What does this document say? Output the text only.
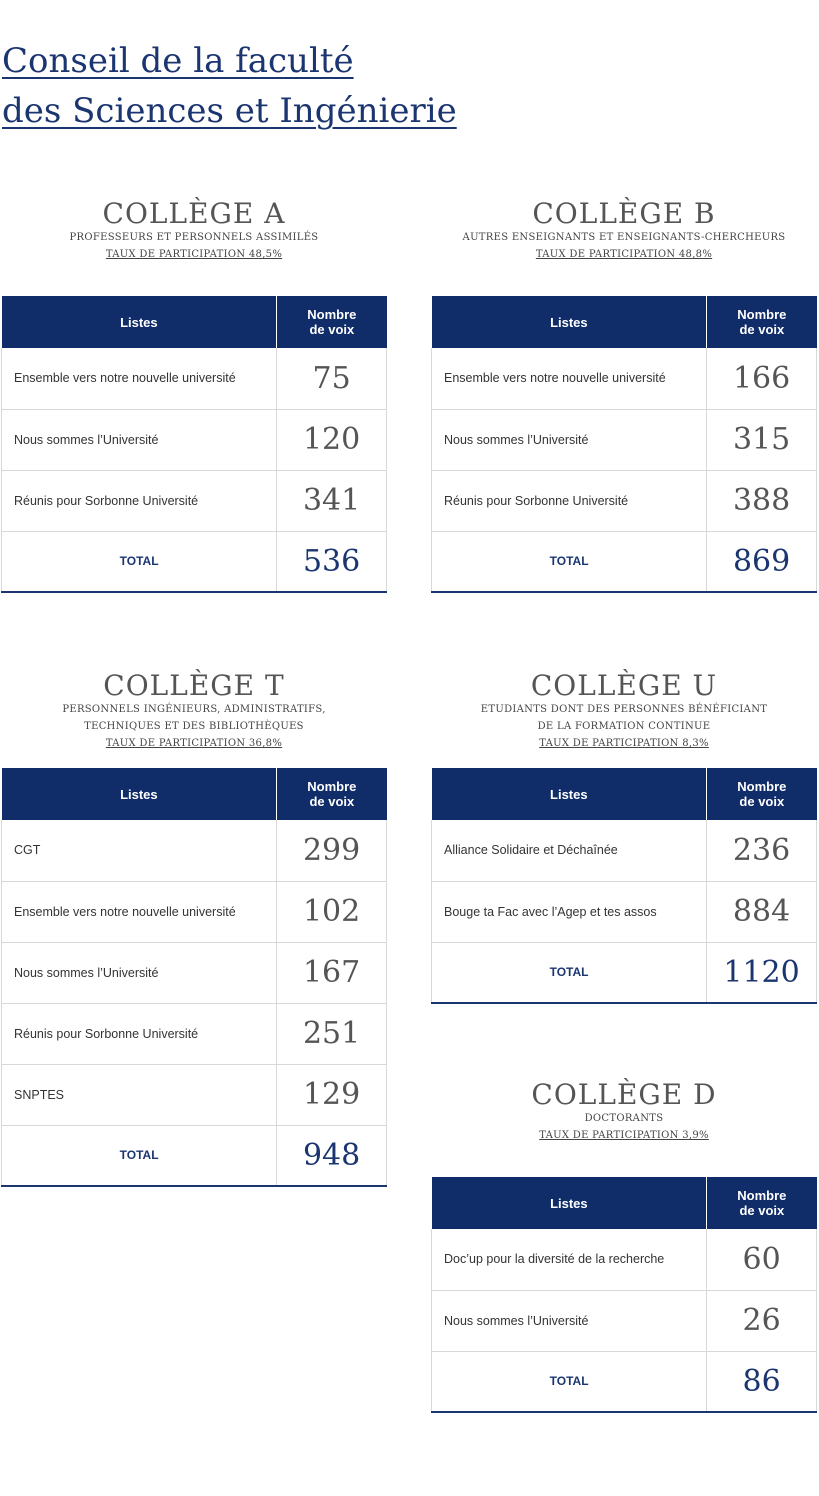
Conseil de la faculté
des Sciences et Ingénierie
COLLÈGE A
PROFESSEURS ET PERSONNELS ASSIMILÉS
TAUX DE PARTICIPATION 48,5%
Listes	Nombre
de voix
Ensemble vers notre nouvelle université	75
Nous sommes l’Université	120
Réunis pour Sorbonne Université	341
TOTAL	536
COLLÈGE B
AUTRES ENSEIGNANTS ET ENSEIGNANTS-CHERCHEURS
TAUX DE PARTICIPATION 48,8%
Listes	Nombre
de voix
Ensemble vers notre nouvelle université	166
Nous sommes l’Université	315
Réunis pour Sorbonne Université	388
TOTAL	869
COLLÈGE T
PERSONNELS INGÉNIEURS, ADMINISTRATIFS,
TECHNIQUES ET DES BIBLIOTHÈQUES
TAUX DE PARTICIPATION 36,8%
Listes	Nombre
de voix
CGT	299
Ensemble vers notre nouvelle université	102
Nous sommes l’Université	167
Réunis pour Sorbonne Université	251
SNPTES	129
TOTAL	948
COLLÈGE U
ETUDIANTS DONT DES PERSONNES BÉNÉFICIANT
DE LA FORMATION CONTINUE
TAUX DE PARTICIPATION 8,3%
Listes	Nombre
de voix
Alliance Solidaire et Déchaînée	236
Bouge ta Fac avec l’Agep et tes assos	884
TOTAL	1120
COLLÈGE D
DOCTORANTS
TAUX DE PARTICIPATION 3,9%
Listes	Nombre
de voix
Doc’up pour la diversité de la recherche	60
Nous sommes l’Université	26
TOTAL	86
